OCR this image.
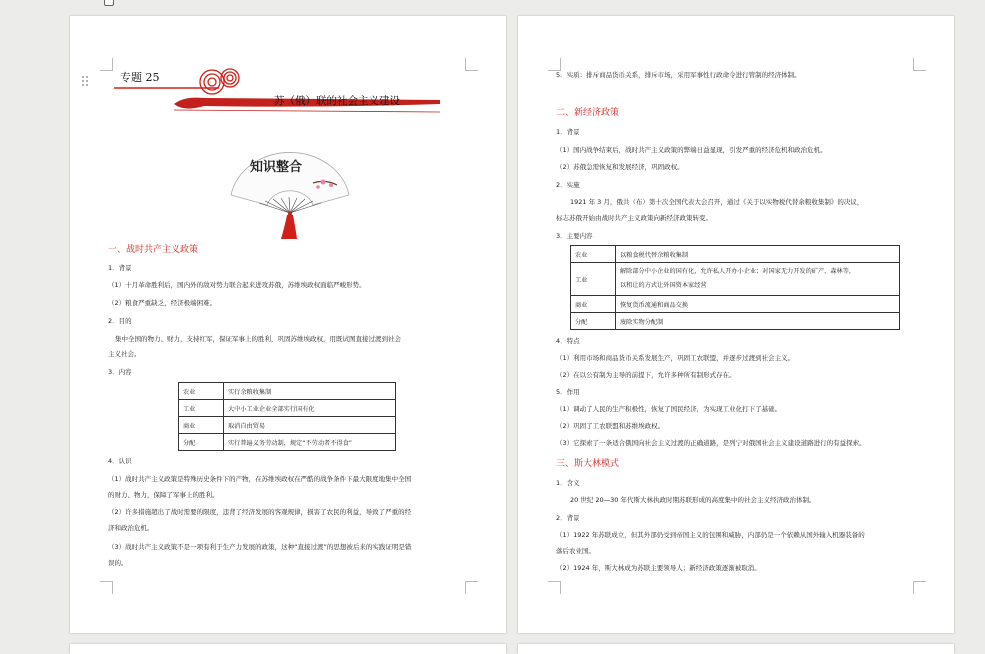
专题 25
苏（俄）联的社会主义建设
知识整合
一、战时共产主义政策
1．背景
（1）十月革命胜利后，国内外的敌对势力联合起来进攻苏俄，苏维埃政权面临严峻形势。
（2）粮食严重缺乏，经济极端困难。
2．目的
集中全国的物力、财力，支持红军，保证军事上的胜利，巩固苏维埃政权，用既试图直接过渡到社会
主义社会。
3．内容
农业	实行余粮收集制
工业	大中小工业企业全部实行国有化
商业	取消自由贸易
分配	实行普遍义务劳动制，规定“不劳动者不得食”
4．认识
（1）战时共产主义政策是特殊历史条件下的产物，在苏维埃政权在严酷的战争条件下最大限度地集中全国
的财力、物力，保障了军事上的胜利。
（2）许多措施超出了战时需要的限度，违背了经济发展的客观规律，损害了农民的利益，导致了严重的经
济和政治危机。
（3）战时共产主义政策不是一项有利于生产力发展的政策，这种“直接过渡”的思想被后来的实践证明是错
误的。
5．实质：排斥商品货币关系，排斥市场，采用军事性行政命令进行管制的经济体制。
二、新经济政策
1．背景
（1）国内战争结束后，战时共产主义政策的弊端日益显现，引发严重的经济危机和政治危机。
（2）苏俄急需恢复和发展经济，巩固政权。
2．实施
1921 年 3 月，俄共（布）第十次全国代表大会召开，通过《关于以实物税代替余粮收集制》的决议，
标志苏俄开始由战时共产主义政策向新经济政策转变。
3．主要内容
农业	以粮食税代替余粮收集制
工业	解除部分中小企业的国有化，允许私人开办小企业；对国家无力开发的矿产、森林等，
以租让的方式让外国资本家经营

商业	恢复货币流通和商品交换
分配	废除实物分配制
4．特点
（1）利用市场和商品货币关系发展生产，巩固工农联盟，并逐步过渡到社会主义。
（2）在以公有制为主导的前提下，允许多种所有制形式存在。
5．作用
（1）调动了人民的生产积极性，恢复了国民经济，为实现工业化打下了基础。
（2）巩固了工农联盟和苏维埃政权。
（3）它探索了一条适合俄国向社会主义过渡的正确道路，是列宁对俄国社会主义建设道路进行的有益探索。
三、斯大林模式
1．含义
20 世纪 20—30 年代斯大林执政时期苏联形成的高度集中的社会主义经济政治体制。
2．背景
（1）1922 年苏联成立，但其外部仍受到帝国主义的包围和威胁，内部仍是一个依赖从国外输入机器装备的
落后农业国。
（2）1924 年，斯大林成为苏联主要领导人；新经济政策逐渐被取消。
